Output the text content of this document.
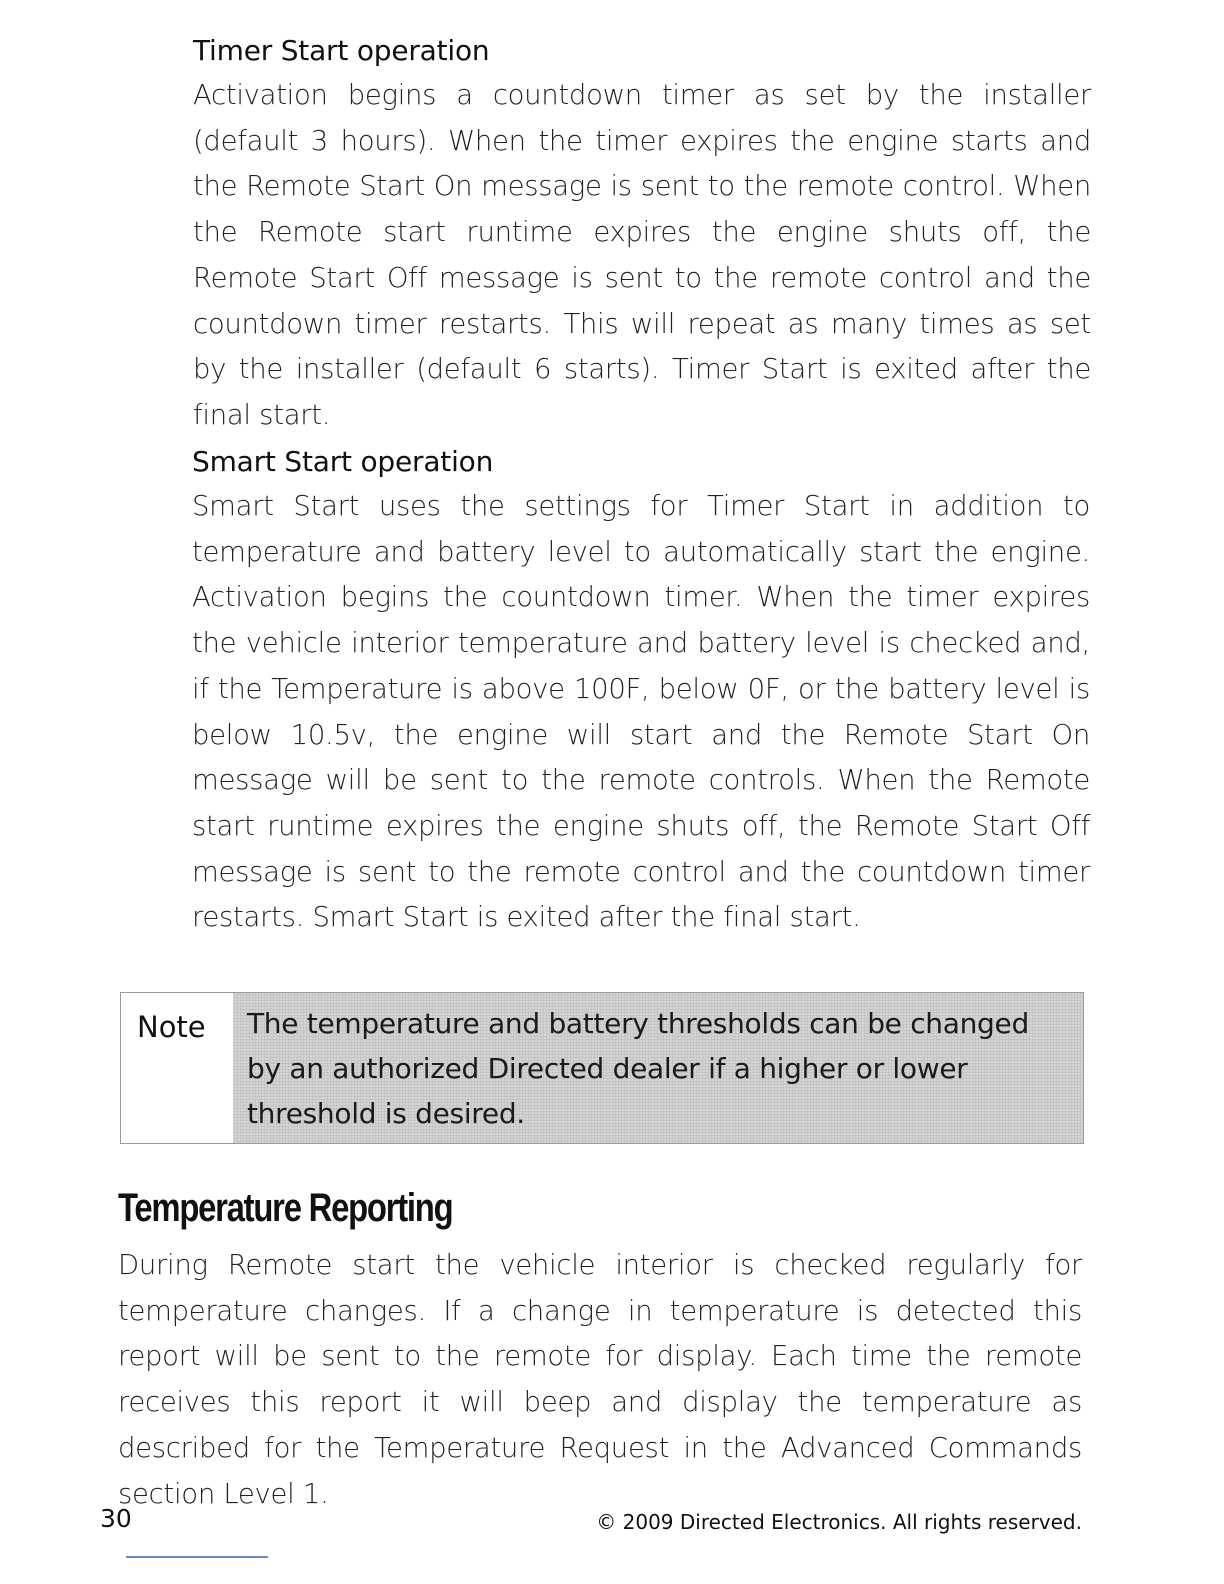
Timer Start operation

Activation begins a countdown timer as set by the installer (default 3 hours). When the timer expires the engine starts and the Remote Start On message is sent to the remote control. When the Remote start runtime expires the engine shuts off, the Remote Start Off message is sent to the remote control and the countdown timer restarts. This will repeat as many times as set by the installer (default 6 starts). Timer Start is exited after the final start.

Smart Start operation

Smart Start uses the settings for Timer Start in addition to temperature and battery level to automatically start the engine. Activation begins the countdown timer. When the timer expires the vehicle interior temperature and battery level is checked and, if the Temperature is above 100F, below 0F, or the battery level is below 10.5v, the engine will start and the Remote Start On message will be sent to the remote controls. When the Remote start runtime expires the engine shuts off, the Remote Start Off message is sent to the remote control and the countdown timer restarts. Smart Start is exited after the final start.

Note	The temperature and battery thresholds can be changed by an authorized Directed dealer if a higher or lower threshold is desired.
Temperature Reporting

During Remote start the vehicle interior is checked regularly for temperature changes. If a change in temperature is detected this report will be sent to the remote for display. Each time the remote receives this report it will beep and display the temperature as described for the Temperature Request in the Advanced Commands section Level 1.

30	© 2009 Directed Electronics. All rights reserved.
